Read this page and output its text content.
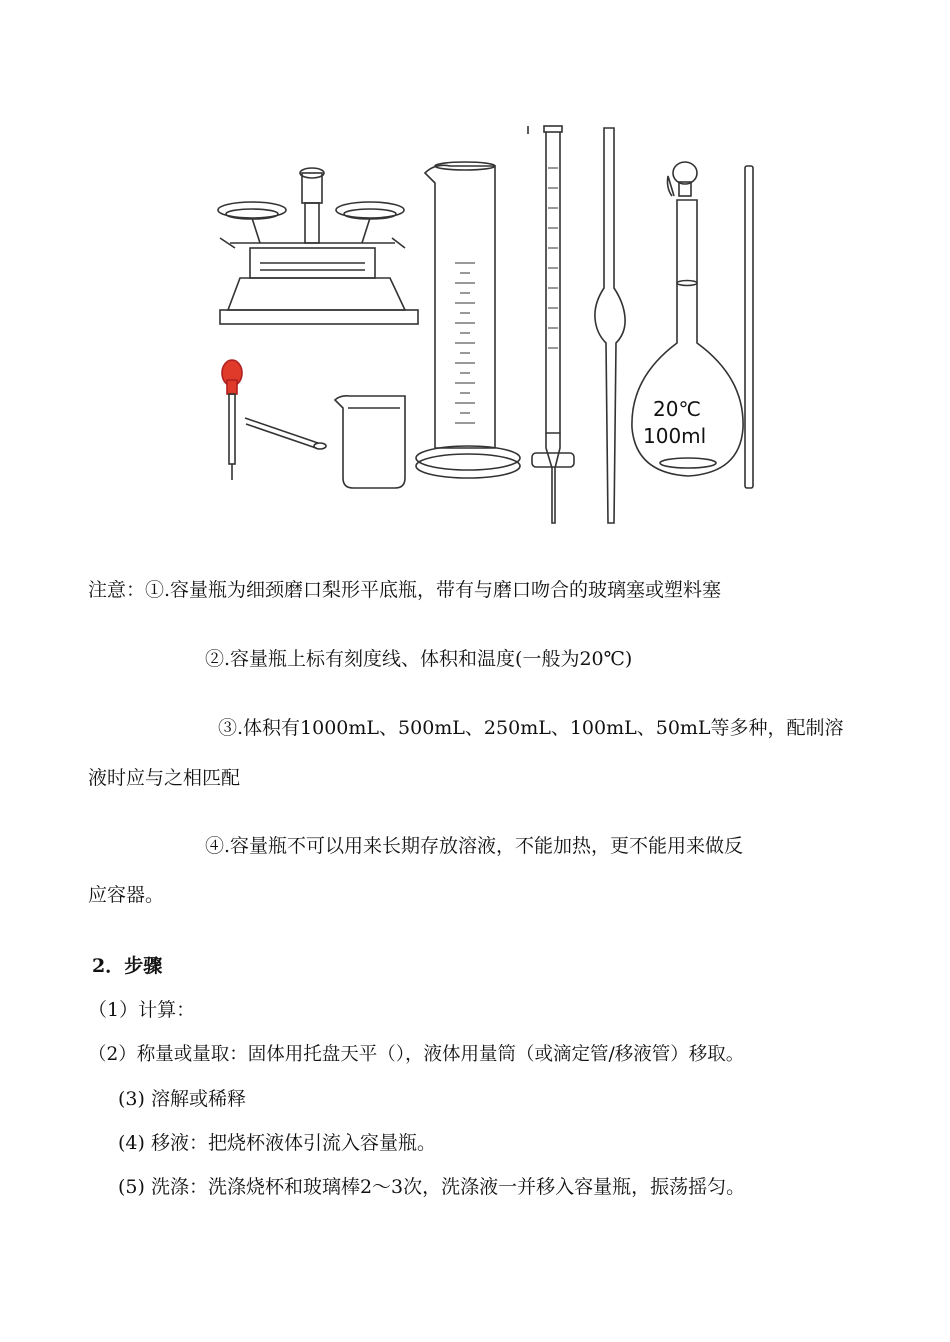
20℃
100ml
注意：①.容量瓶为细颈磨口梨形平底瓶，带有与磨口吻合的玻璃塞或塑料塞
②.容量瓶上标有刻度线、体积和温度(一般为20℃)
③.体积有1000mL、500mL、250mL、100mL、50mL等多种，配制溶
液时应与之相匹配
④.容量瓶不可以用来长期存放溶液，不能加热，更不能用来做反
应容器。
2．步骤
（1）计算：
（2）称量或量取：固体用托盘天平（），液体用量筒（或滴定管/移液管）移取。
(3) 溶解或稀释
(4) 移液：把烧杯液体引流入容量瓶。
(5) 洗涤：洗涤烧杯和玻璃棒2～3次，洗涤液一并移入容量瓶，振荡摇匀。
